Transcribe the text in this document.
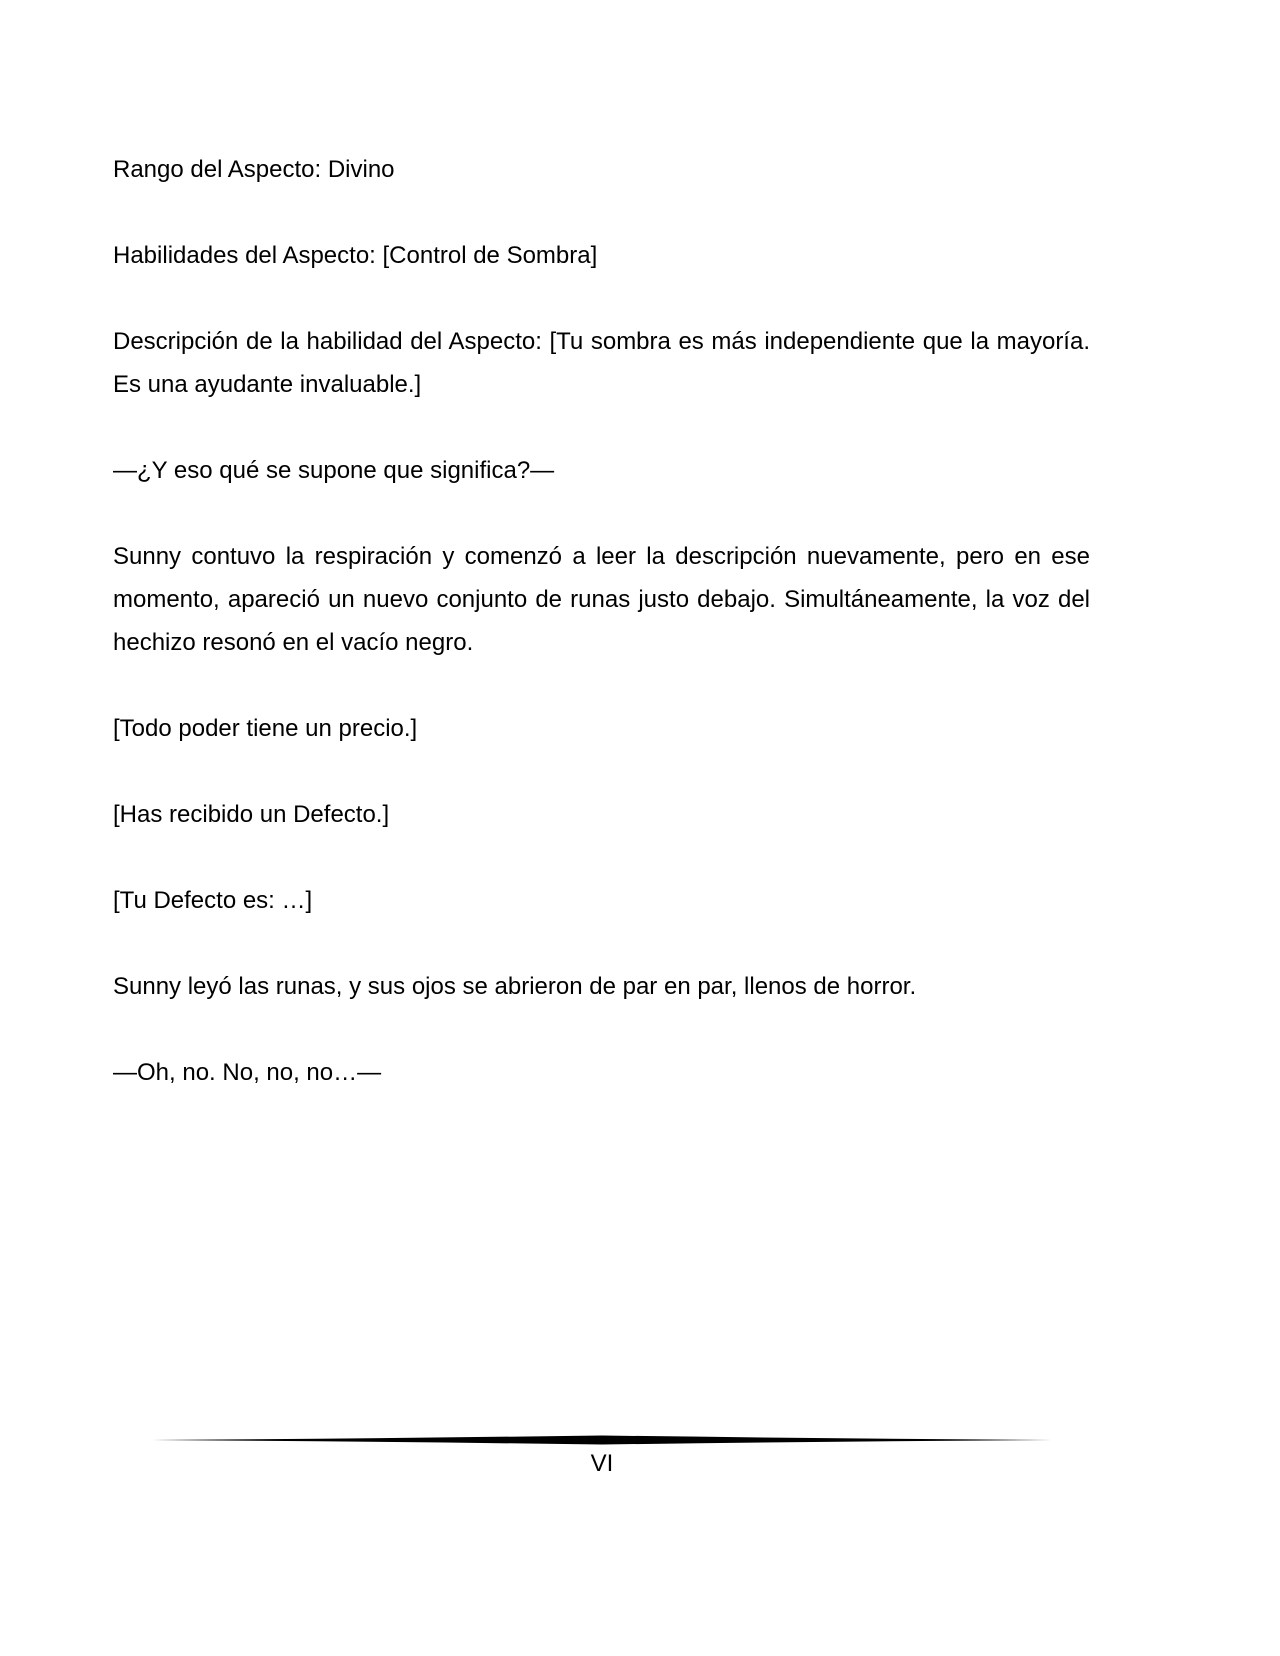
Rango del Aspecto: Divino

Habilidades del Aspecto: [Control de Sombra]

Descripción de la habilidad del Aspecto: [Tu sombra es más independiente que la mayoría. Es una ayudante invaluable.]

—¿Y eso qué se supone que significa?—

Sunny contuvo la respiración y comenzó a leer la descripción nuevamente, pero en ese momento, apareció un nuevo conjunto de runas justo debajo. Simultáneamente, la voz del hechizo resonó en el vacío negro.

[Todo poder tiene un precio.]

[Has recibido un Defecto.]

[Tu Defecto es: …]

Sunny leyó las runas, y sus ojos se abrieron de par en par, llenos de horror.

—Oh, no. No, no, no…—

VI
